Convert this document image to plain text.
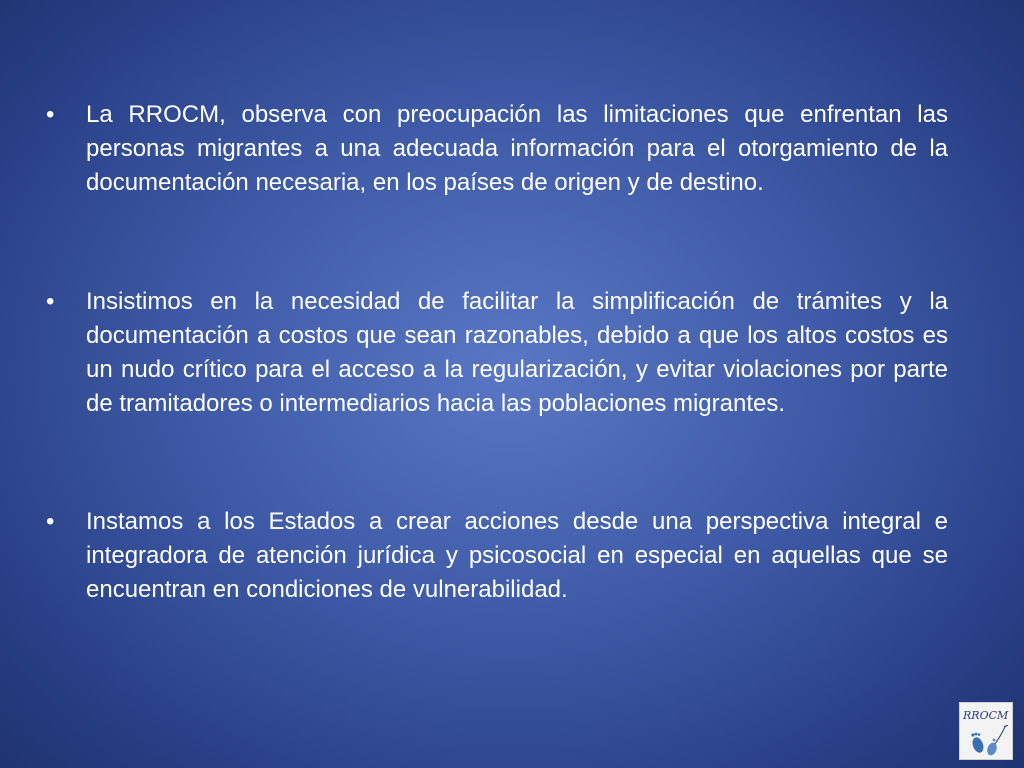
•	La RROCM, observa con preocupación las limitaciones que enfrentan las personas migrantes a una adecuada información para el otorgamiento de la documentación necesaria, en los países de origen y de destino.
•	Insistimos en la necesidad de facilitar la simplificación de trámites y la documentación a costos que sean razonables, debido a que los altos costos es un nudo crítico para el acceso a la regularización, y evitar violaciones por parte de tramitadores o intermediarios hacia las poblaciones migrantes.
•	Instamos a los Estados a crear acciones desde una perspectiva integral e integradora de atención jurídica y psicosocial en especial en aquellas que se encuentran en condiciones de vulnerabilidad.
RROCM
